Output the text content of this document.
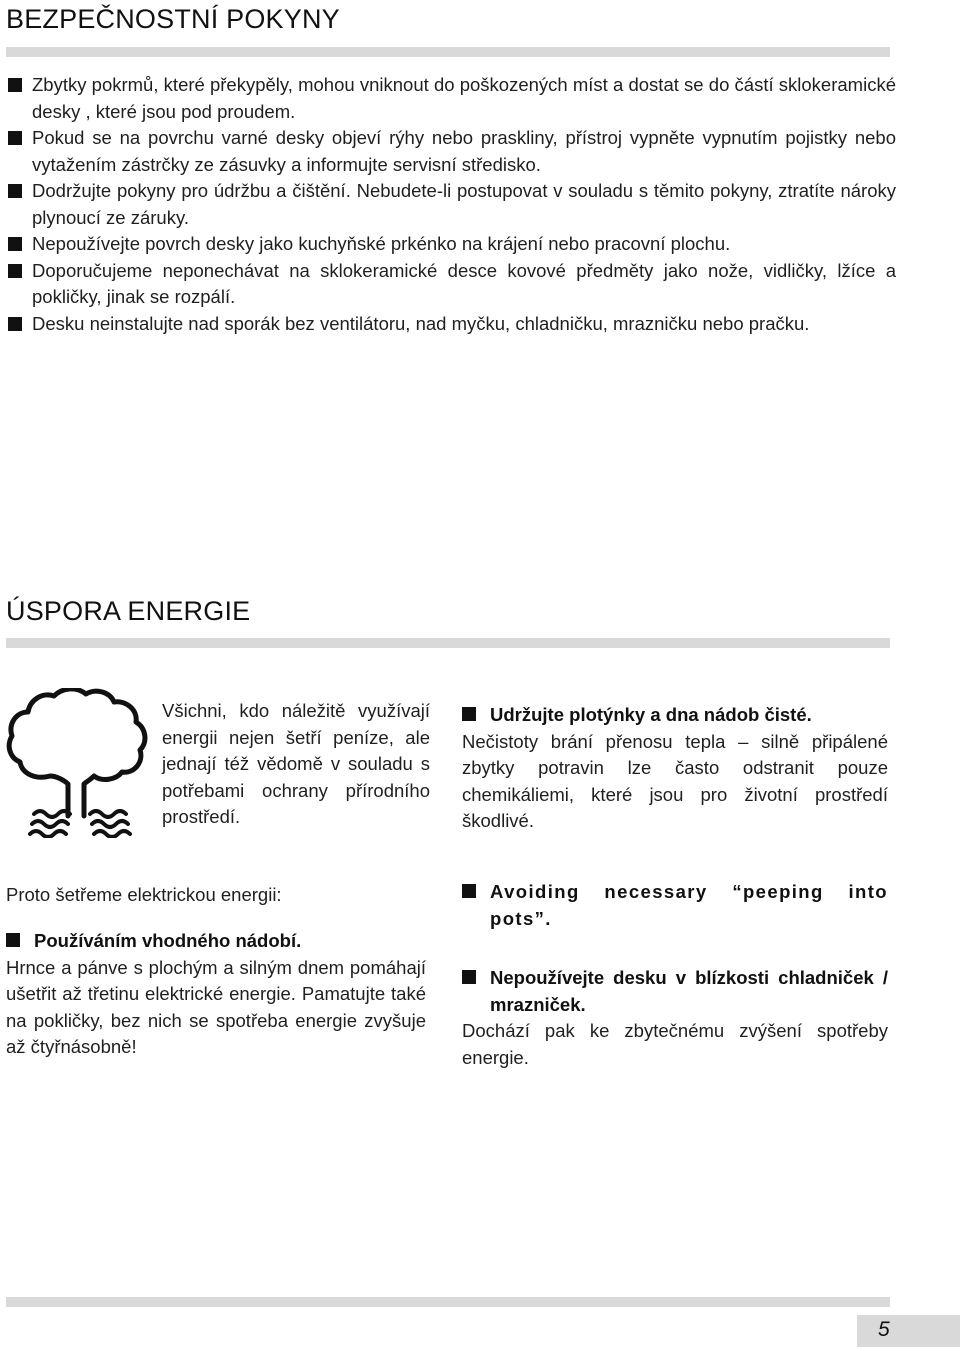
BEZPEČNOSTNÍ POKYNY
Zbytky pokrmů, které překypěly, mohou vniknout do poškozených míst a dostat se do částí sklokeramické desky , které jsou pod proudem.
Pokud se na povrchu varné desky objeví rýhy nebo praskliny, přístroj vypněte vypnutím pojistky nebo vytažením zástrčky ze zásuvky a informujte servisní středisko.
Dodržujte pokyny pro údržbu a čištění. Nebudete-li postupovat v souladu s těmito pokyny, ztratíte nároky plynoucí ze záruky.
Nepoužívejte povrch desky jako kuchyňské prkénko na krájení nebo pracovní plochu.
Doporučujeme neponechávat na sklokeramické desce kovové předměty jako nože, vidličky, lžíce a pokličky, jinak se rozpálí.
Desku neinstalujte nad sporák bez ventilátoru, nad myčku, chladničku, mrazničku nebo pračku.
ÚSPORA ENERGIE

Všichni, kdo náležitě využívají energii nejen šetří peníze, ale jednají též vědomě v souladu s potřebami ochrany přírodního prostředí.

Proto šetřeme elektrickou energii:

Používáním vhodného nádobí.

Hrnce a pánve s plochým a silným dnem pomáhají ušetřit až třetinu elektrické energie. Pamatujte také na pokličky, bez nich se spotřeba energie zvyšuje až čtyřnásobně!

Udržujte plotýnky a dna nádob čisté.

Nečistoty brání přenosu tepla – silně připálené zbytky potravin lze často odstranit pouze chemikáliemi, které jsou pro životní prostředí škodlivé.

Avoiding necessary “peeping into pots”.
Nepoužívejte desku v blízkosti chladniček / mrazniček.

Dochází pak ke zbytečnému zvýšení spotřeby energie.

5
